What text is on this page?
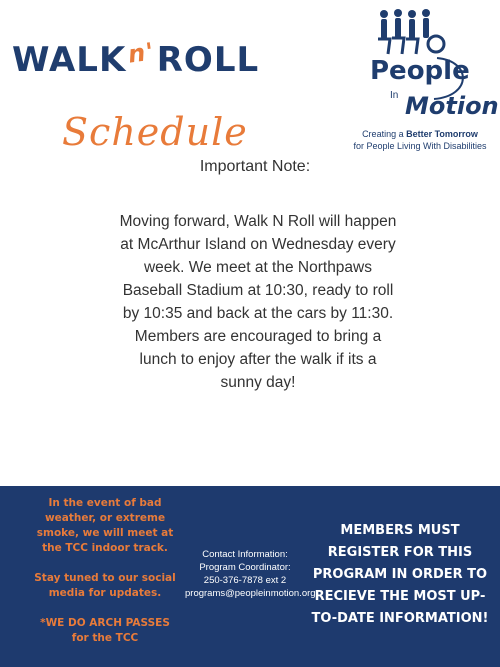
WALKn'ROLL
Schedule
People
In Motion
Creating a Better Tomorrow
for People Living With Disabilities
Important Note:
Moving forward, Walk N Roll will happen at McArthur Island on Wednesday every week. We meet at the Northpaws Baseball Stadium at 10:30, ready to roll by 10:35 and back at the cars by 11:30.
Members are encouraged to bring a lunch to enjoy after the walk if its a sunny day!

In the event of bad weather, or extreme smoke, we will meet at the TCC indoor track.

Stay tuned to our social media for updates.

*WE DO ARCH PASSES for the TCC

Contact Information:
Program Coordinator:
250-376-7878 ext 2
programs@peopleinmotion.org
MEMBERS MUST REGISTER FOR THIS PROGRAM IN ORDER TO RECIEVE THE MOST UP-TO-DATE INFORMATION!
